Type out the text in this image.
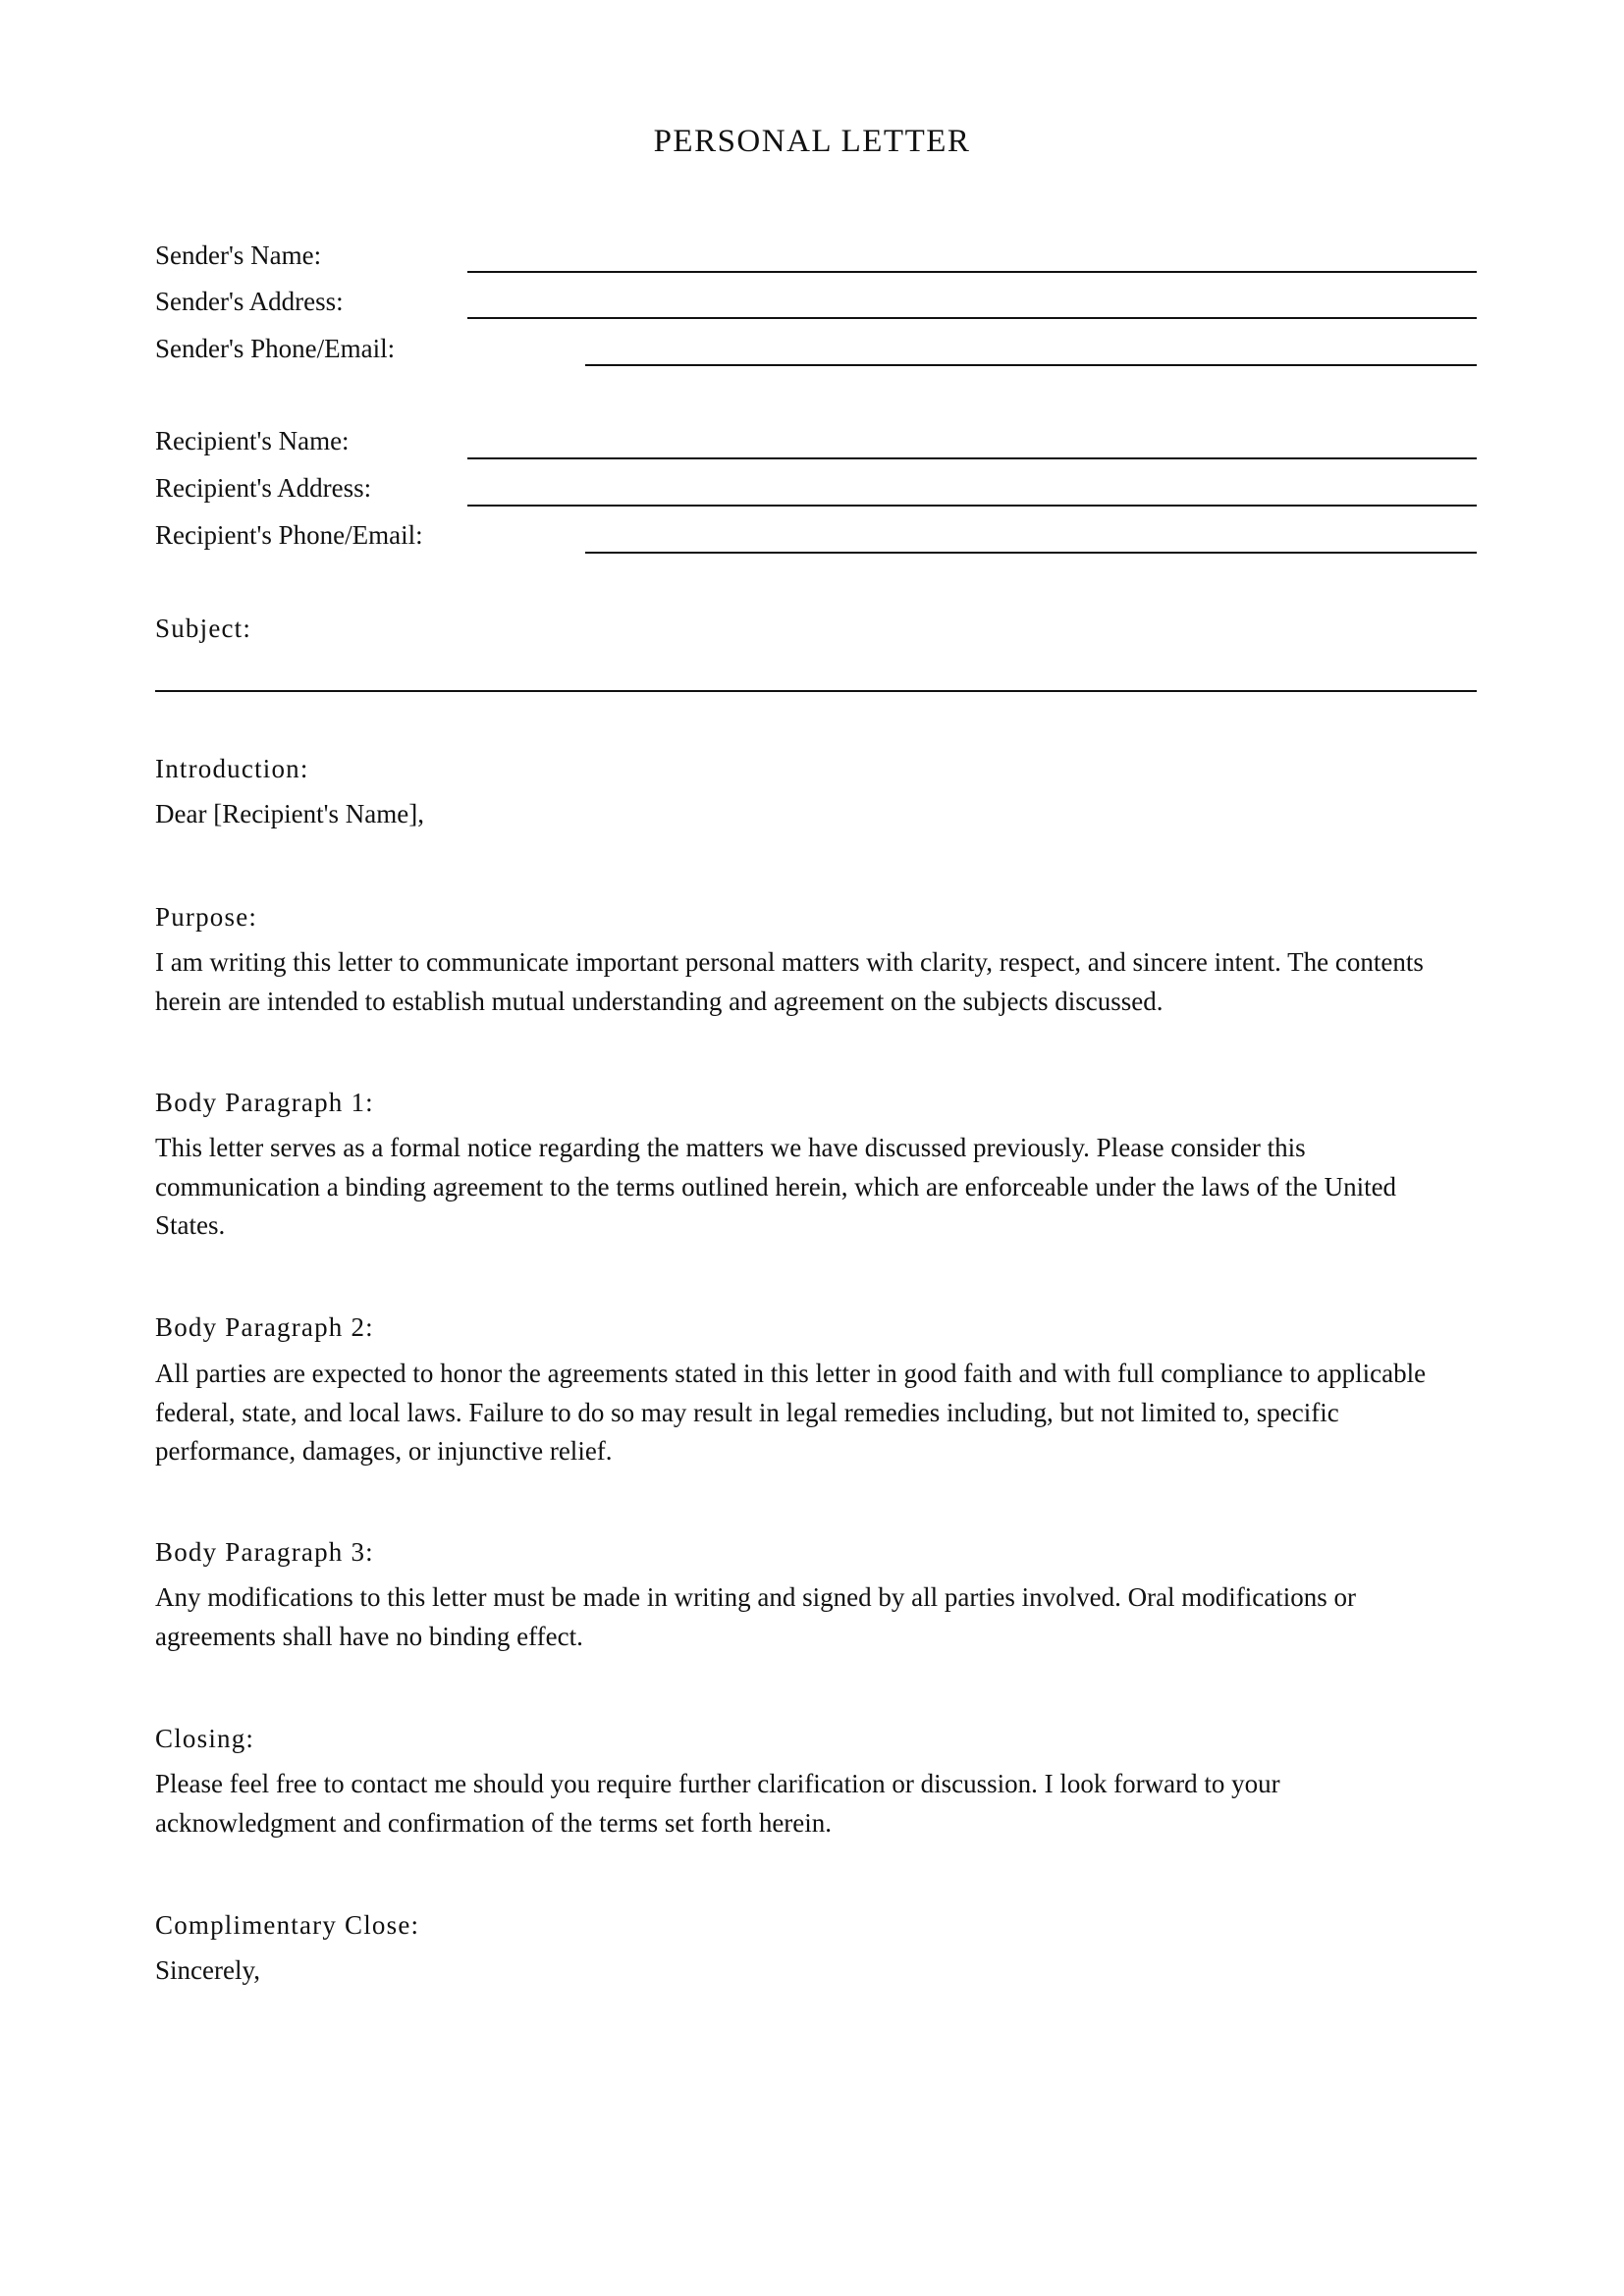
PERSONAL LETTER
Sender's Name:
Sender's Address:
Sender's Phone/Email:
Recipient's Name:
Recipient's Address:
Recipient's Phone/Email:
Subject:
Introduction:
Dear [Recipient's Name],
Purpose:
I am writing this letter to communicate important personal matters with clarity, respect, and sincere intent. The contents
herein are intended to establish mutual understanding and agreement on the subjects discussed.
Body Paragraph 1:
This letter serves as a formal notice regarding the matters we have discussed previously. Please consider this
communication a binding agreement to the terms outlined herein, which are enforceable under the laws of the United
States.
Body Paragraph 2:
All parties are expected to honor the agreements stated in this letter in good faith and with full compliance to applicable
federal, state, and local laws. Failure to do so may result in legal remedies including, but not limited to, specific
performance, damages, or injunctive relief.
Body Paragraph 3:
Any modifications to this letter must be made in writing and signed by all parties involved. Oral modifications or
agreements shall have no binding effect.
Closing:
Please feel free to contact me should you require further clarification or discussion. I look forward to your
acknowledgment and confirmation of the terms set forth herein.
Complimentary Close:
Sincerely,
